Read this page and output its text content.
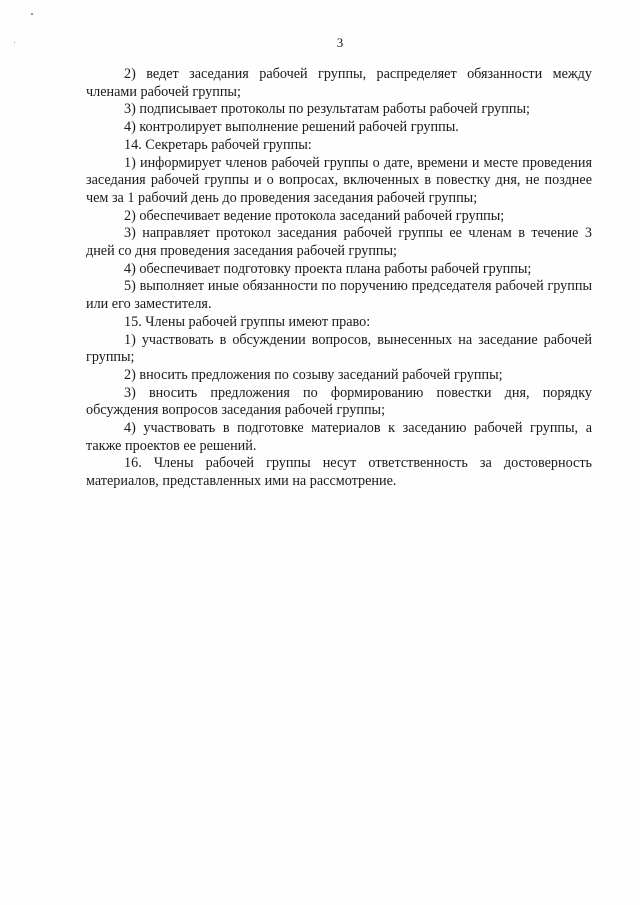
3

2) ведет заседания рабочей группы, распределяет обязанности между членами рабочей группы;

3) подписывает протоколы по результатам работы рабочей группы;

4) контролирует выполнение решений рабочей группы.

14. Секретарь рабочей группы:

1) информирует членов рабочей группы о дате, времени и месте проведения заседания рабочей группы и о вопросах, включенных в повестку дня, не позднее чем за 1 рабочий день до проведения заседания рабочей группы;

2) обеспечивает ведение протокола заседаний рабочей группы;

3) направляет протокол заседания рабочей группы ее членам в течение 3 дней со дня проведения заседания рабочей группы;

4) обеспечивает подготовку проекта плана работы рабочей группы;

5) выполняет иные обязанности по поручению председателя рабочей группы или его заместителя.

15. Члены рабочей группы имеют право:

1) участвовать в обсуждении вопросов, вынесенных на заседание рабочей группы;

2) вносить предложения по созыву заседаний рабочей группы;

3) вносить предложения по формированию повестки дня, порядку обсуждения вопросов заседания рабочей группы;

4) участвовать в подготовке материалов к заседанию рабочей группы, а также проектов ее решений.

16. Члены рабочей группы несут ответственность за достоверность материалов, представленных ими на рассмотрение.
